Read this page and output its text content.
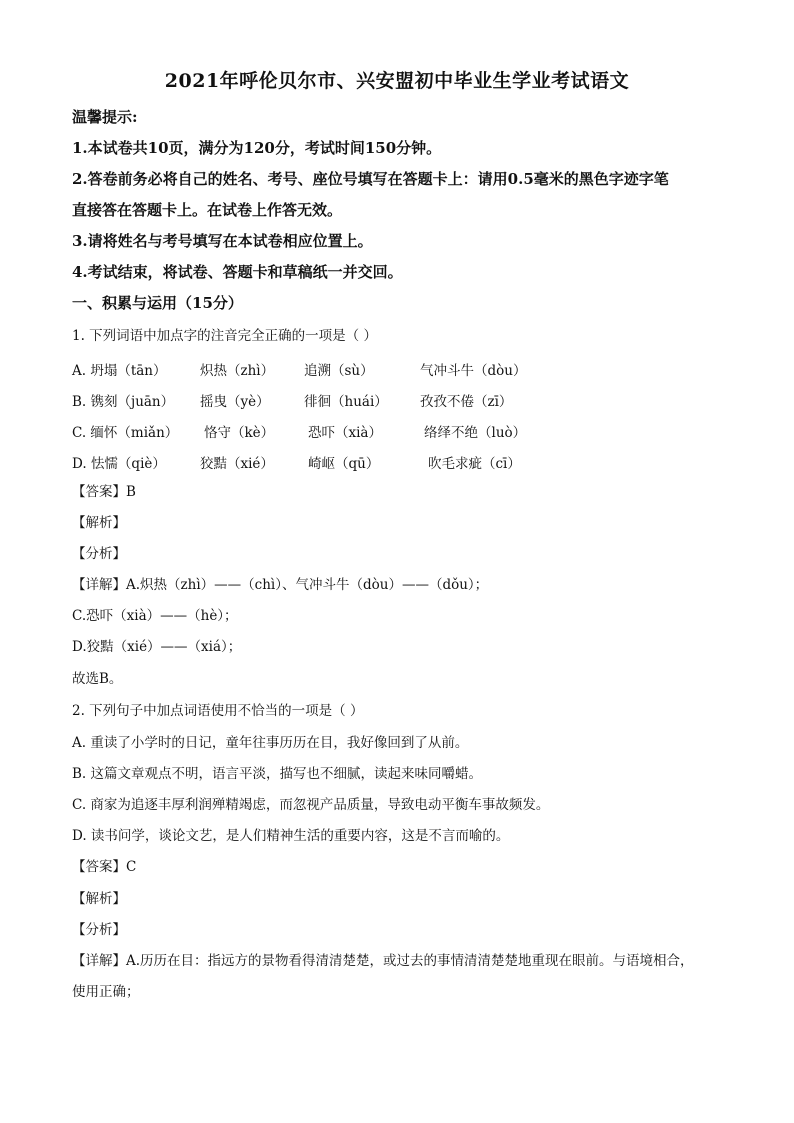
2021年呼伦贝尔市、兴安盟初中毕业生学业考试语文
温馨提示:
1.本试卷共10页，满分为120分，考试时间150分钟。
2.答卷前务必将自己的姓名、考号、座位号填写在答题卡上：请用0.5毫米的黑色字迹字笔
直接答在答题卡上。在试卷上作答无效。
3.请将姓名与考号填写在本试卷相应位置上。
4.考试结束，将试卷、答题卡和草稿纸一并交回。
一、积累与运用（15分）
1. 下列词语中加点字的注音完全正确的一项是（ ）
A. 坍塌（tān） 炽热（zhì） 追溯（sù）	气冲斗牛（dòu）
B. 镌刻（juān） 摇曳（yè）	徘徊（huái） 孜孜不倦（zī）
C. 缅怀（miǎn） 恪守（kè）	恐吓（xià）	络绎不绝（luò）
D. 怯懦（qiè）	狡黠（xié）	崎岖（qū）	吹毛求疵（cī）
【答案】B
【解析】
【分析】
【详解】A.炽热（zhì）——（chì）、气冲斗牛（dòu）——（dǒu）；
C.恐吓（xià）——（hè）；
D.狡黠（xié）——（xiá）；
故选B。
2. 下列句子中加点词语使用不恰当的一项是（ ）
A. 重读了小学时的日记，童年往事历历在目，我好像回到了从前。
B. 这篇文章观点不明，语言平淡，描写也不细腻，读起来味同嚼蜡。
C. 商家为追逐丰厚利润殚精竭虑，而忽视产品质量，导致电动平衡车事故频发。
D. 读书问学，谈论文艺，是人们精神生活的重要内容，这是不言而喻的。
【答案】C
【解析】
【分析】
【详解】A.历历在目：指远方的景物看得清清楚楚，或过去的事情清清楚楚地重现在眼前。与语境相合，
使用正确；
